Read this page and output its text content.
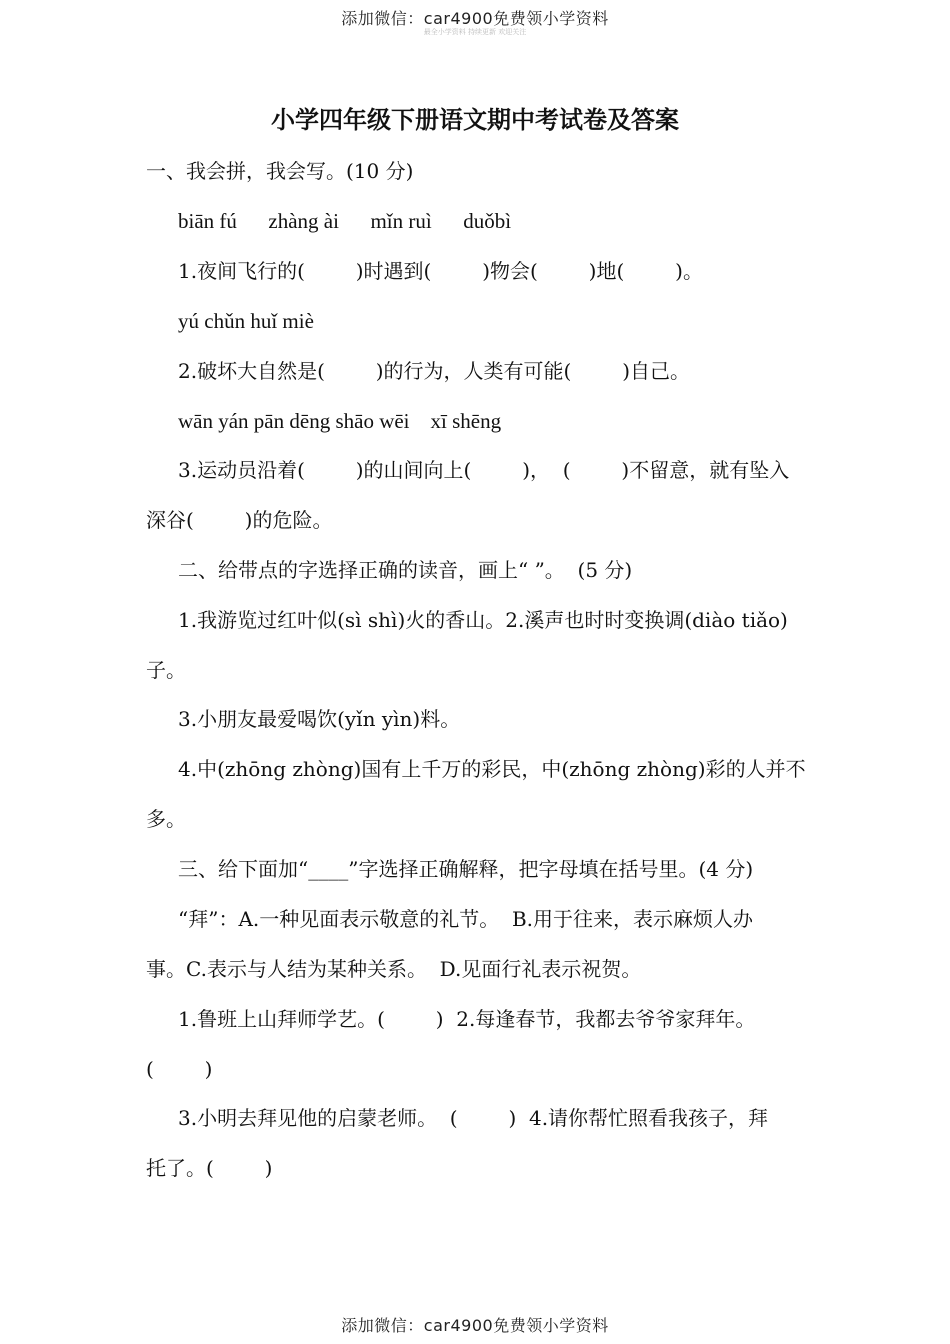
添加微信：car4900免费领小学资料
最全小学资料 持续更新 欢迎关注
小学四年级下册语文期中考试卷及答案
一、我会拼，我会写。(10 分)
biān fú      zhàng ài      mǐn ruì      duǒbì
1.夜间飞行的(        )时遇到(        )物会(        )地(        )。
yú chǔn huǐ miè
2.破坏大自然是(        )的行为，人类有可能(        )自己。
wān yán pān dēng shāo wēi    xī shēng
3.运动员沿着(        )的山间向上(        )，  (        )不留意，就有坠入
深谷(        )的危险。
二、给带点的字选择正确的读音，画上“ ”。  (5 分)
1.我游览过红叶似(sì shì)火的香山。2.溪声也时时变换调(diào tiǎo)
子。
3.小朋友最爱喝饮(yǐn yìn)料。
4.中(zhōng zhòng)国有上千万的彩民，中(zhōng zhòng)彩的人并不
多。
三、给下面加“____”字选择正确解释，把字母填在括号里。(4 分)
“拜”：A.一种见面表示敬意的礼节。  B.用于往来，表示麻烦人办
事。C.表示与人结为某种关系。  D.见面行礼表示祝贺。
1.鲁班上山拜师学艺。(        )  2.每逢春节，我都去爷爷家拜年。
(        )
3.小明去拜见他的启蒙老师。  (        )  4.请你帮忙照看我孩子，拜
托了。(        )
添加微信：car4900免费领小学资料
